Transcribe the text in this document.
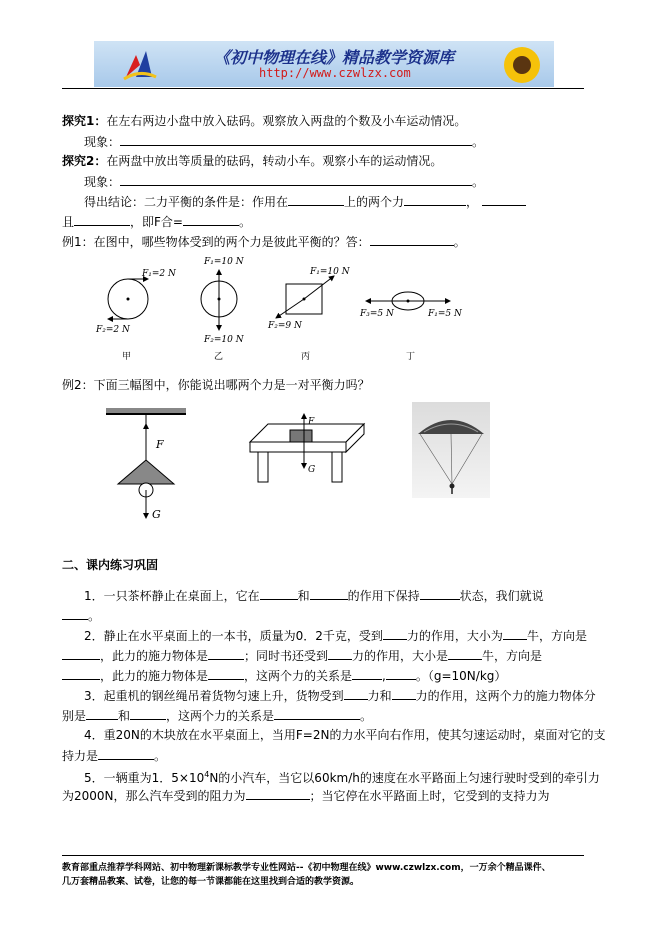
《初中物理在线》精品教学资源库
http://www.czwlzx.com
探究1：在左右两边小盘中放入砝码。观察放入两盘的个数及小车运动情况。
现象：	。
探究2：在两盘中放出等质量的砝码，转动小车。观察小车的运动情况。
现象：	。
得出结论：二力平衡的条件是：作用在	上的两个力	，
且	，即F合=	。
例1：在图中，哪些物体受到的两个力是彼此平衡的？答：	。
F₁=2 N
F₂=2 N
F₁=10 N
F₂=10 N
F₁=10 N
F₂=9 N
F₁=5 N
F₃=5 N
甲	乙	丙	丁
例2：下面三幅图中，你能说出哪两个力是一对平衡力吗？
F
G
F
G
二、课内练习巩固
1．一只茶杯静止在桌面上，它在	和	的作用下保持	状态，我们就说
。
2．静止在水平桌面上的一本书，质量为0．2千克，受到 力的作用，大小为 牛，方向是
，此力的施力物体是	；同时书还受到 力的作用，大小是	牛，方向是
，此力的施力物体是	，这两个力的关系是	,	。（g=10N/kg）
3．起重机的钢丝绳吊着货物匀速上升，货物受到 力和 力的作用，这两个力的施力物体分
别是	和	，这两个力的关系是	。
4．重20N的木块放在水平桌面上，当用F=2N的力水平向右作用，使其匀速运动时，桌面对它的支
持力是	。
5．一辆重为1．$5\times 10^4N$的小汽车，当它以60km/h的速度在水平路面上匀速行驶时受到的牵引力
为2000N，那么汽车受到的阻力为	；当它停在水平路面上时，它受到的支持力为
教育部重点推荐学科网站、初中物理新课标教学专业性网站--《初中物理在线》www.czwlzx.com，一万余个精品课件、
几万套精品教案、试卷，让您的每一节课都能在这里找到合适的教学资源。
